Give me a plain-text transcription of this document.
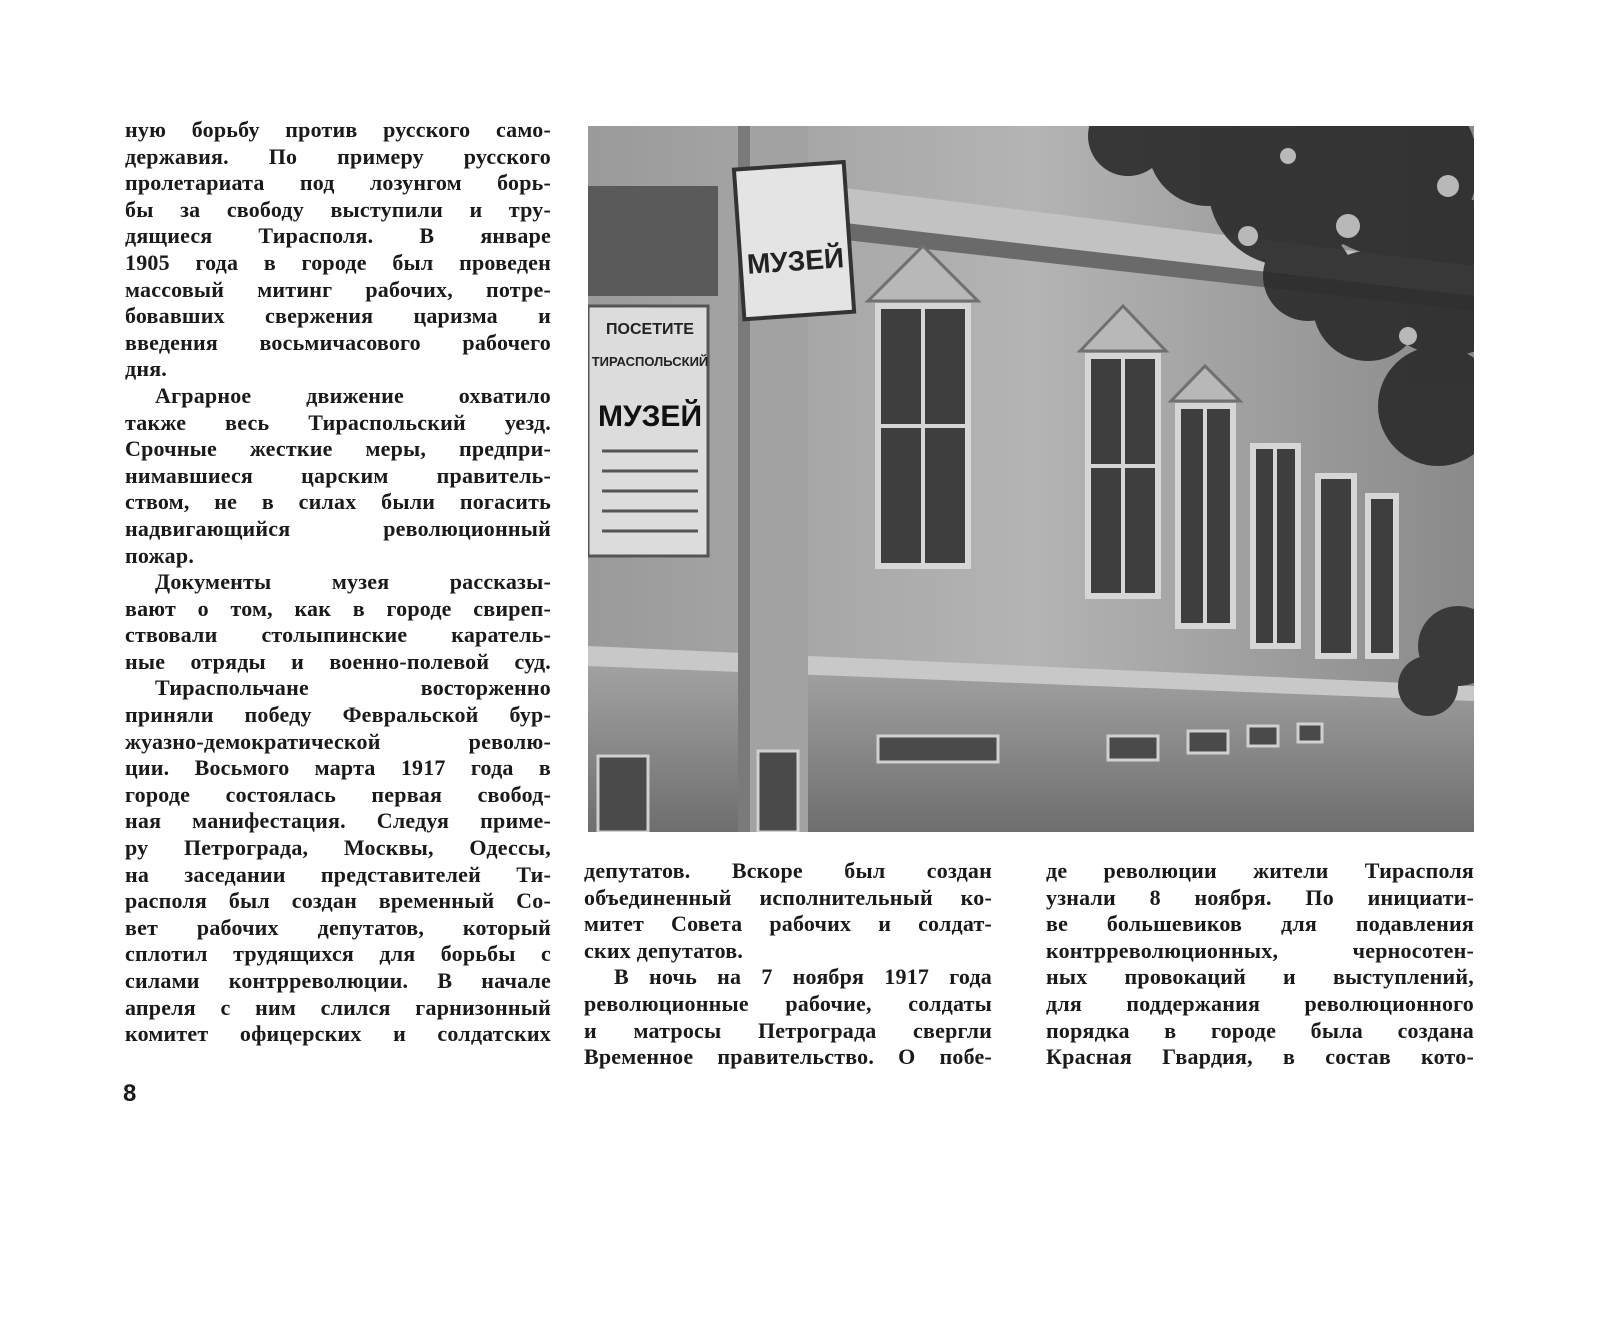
ную борьбу против русского само-
державия. По примеру русского
пролетариата под лозунгом борь-
бы за свободу выступили и тру-
дящиеся Тирасполя. В январе
1905 года в городе был проведен
массовый митинг рабочих, потре-
бовавших свержения царизма и
введения восьмичасового рабочего
дня.
Аграрное движение охватило
также весь Тираспольский уезд.
Срочные жесткие меры, предпри-
нимавшиеся царским правитель-
ством, не в силах были погасить
надвигающийся революционный
пожар.
Документы музея рассказы-
вают о том, как в городе свиреп-
ствовали столыпинские каратель-
ные отряды и военно-полевой суд.
Тираспольчане восторженно
приняли победу Февральской бур-
жуазно-демократической револю-
ции. Восьмого марта 1917 года в
городе состоялась первая свобод-
ная манифестация. Следуя приме-
ру Петрограда, Москвы, Одессы,
на заседании представителей Ти-
располя был создан временный Со-
вет рабочих депутатов, который
сплотил трудящихся для борьбы с
силами контрреволюции. В начале
апреля с ним слился гарнизонный
комитет офицерских и солдатских
8
МУЗЕЙ
ПОСЕТИТЕ
ТИРАСПОЛЬСКИЙ
МУЗЕЙ
депутатов. Вскоре был создан
объединенный исполнительный ко-
митет Совета рабочих и солдат-
ских депутатов.
В ночь на 7 ноября 1917 года
революционные рабочие, солдаты
и матросы Петрограда свергли
Временное правительство. О побе-
де революции жители Тирасполя
узнали 8 ноября. По инициати-
ве большевиков для подавления
контрреволюционных, черносотен-
ных провокаций и выступлений,
для поддержания революционного
порядка в городе была создана
Красная Гвардия, в состав кото-
